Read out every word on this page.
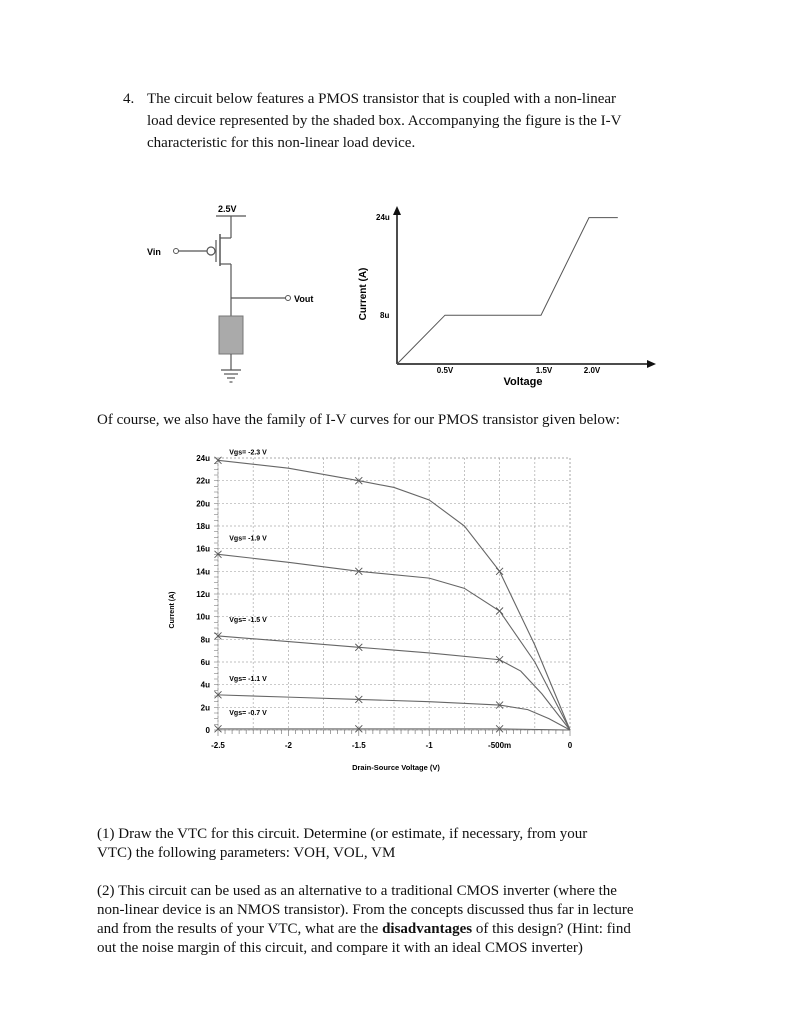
4. The circuit below features a PMOS transistor that is coupled with a non-linear
load device represented by the shaded box. Accompanying the figure is the I-V
characteristic for this non-linear load device.
2.5V
Vin
Vout	Current (A)
24u
8u
0.5V	1.5V	2.0V
Voltage
Of course, we also have the family of I-V curves for our PMOS transistor given below:
24u
22u
20u
18u
16u
14u
12u
10u
8u
6u
4u
2u
0
-2.5	-2	-1.5	-1	-500m	0
Current (A)
Drain-Source Voltage (V)
Vgs= -2.3 V
Vgs= -1.9 V
Vgs= -1.5 V
Vgs= -1.1 V
Vgs= -0.7 V
(1) Draw the VTC for this circuit. Determine (or estimate, if necessary, from your
VTC) the following parameters: VOH, VOL, VM
(2) This circuit can be used as an alternative to a traditional CMOS inverter (where the
non-linear device is an NMOS transistor). From the concepts discussed thus far in lecture
and from the results of your VTC, what are the disadvantages of this design? (Hint: find
out the noise margin of this circuit, and compare it with an ideal CMOS inverter)
